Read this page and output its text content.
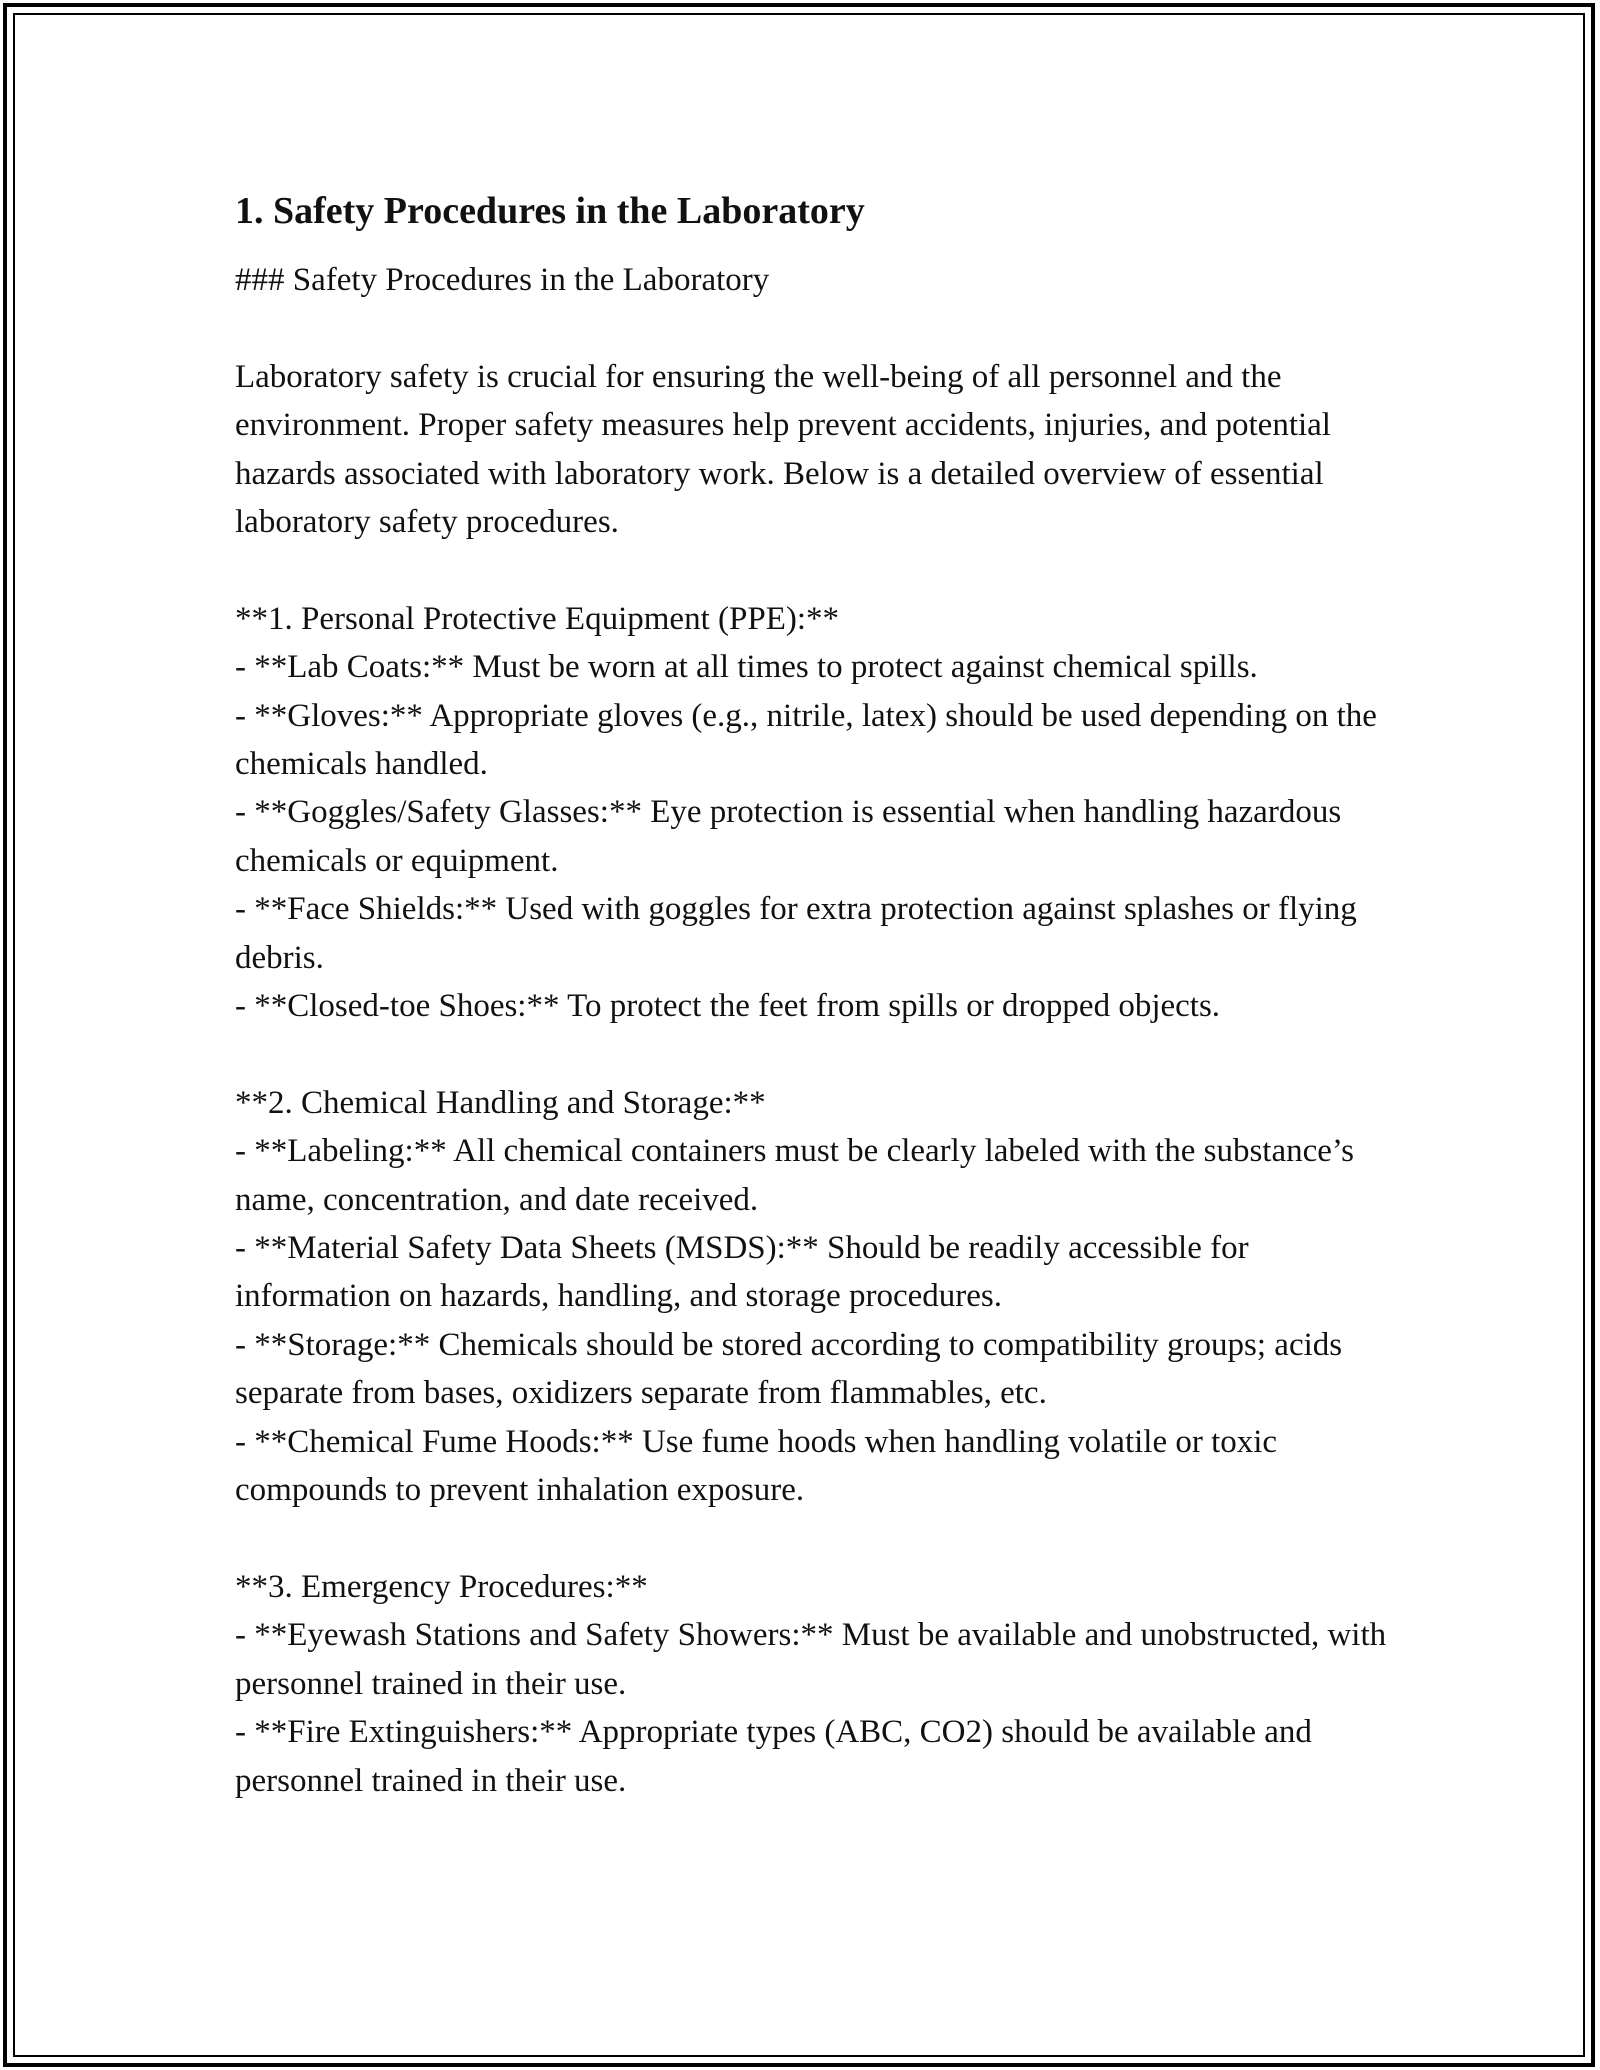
1. Safety Procedures in the Laboratory

### Safety Procedures in the Laboratory

Laboratory safety is crucial for ensuring the well-being of all personnel and the environment. Proper safety measures help prevent accidents, injuries, and potential hazards associated with laboratory work. Below is a detailed overview of essential laboratory safety procedures.

**1. Personal Protective Equipment (PPE):**

- **Lab Coats:** Must be worn at all times to protect against chemical spills.

- **Gloves:** Appropriate gloves (e.g., nitrile, latex) should be used depending on the chemicals handled.

- **Goggles/Safety Glasses:** Eye protection is essential when handling hazardous chemicals or equipment.

- **Face Shields:** Used with goggles for extra protection against splashes or flying debris.

- **Closed-toe Shoes:** To protect the feet from spills or dropped objects.

**2. Chemical Handling and Storage:**

- **Labeling:** All chemical containers must be clearly labeled with the substance’s name, concentration, and date received.

- **Material Safety Data Sheets (MSDS):** Should be readily accessible for information on hazards, handling, and storage procedures.

- **Storage:** Chemicals should be stored according to compatibility groups; acids separate from bases, oxidizers separate from flammables, etc.

- **Chemical Fume Hoods:** Use fume hoods when handling volatile or toxic compounds to prevent inhalation exposure.

**3. Emergency Procedures:**

- **Eyewash Stations and Safety Showers:** Must be available and unobstructed, with personnel trained in their use.

- **Fire Extinguishers:** Appropriate types (ABC, CO2) should be available and personnel trained in their use.
